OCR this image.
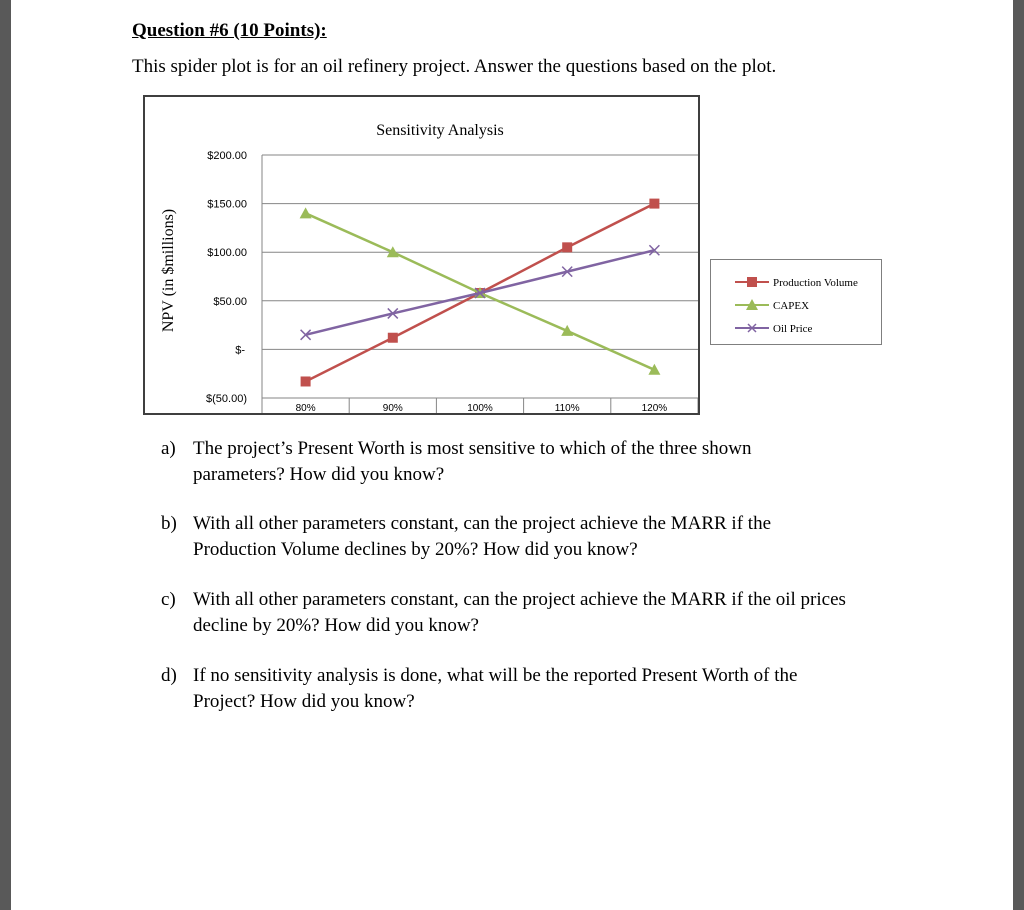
Question #6 (10 Points):
This spider plot is for an oil refinery project. Answer the questions based on the plot.
Sensitivity Analysis
NPV (in $millions)
$(50.00)
$-
$50.00
$100.00
$150.00
$200.00
80%	90%	100%	110%	120%
Production Volume
CAPEX
Oil Price
a) The project’s Present Worth is most sensitive to which of the three shown
parameters? How did you know?
b) With all other parameters constant, can the project achieve the MARR if the
Production Volume declines by 20%? How did you know?
c) With all other parameters constant, can the project achieve the MARR if the oil prices
decline by 20%? How did you know?
d) If no sensitivity analysis is done, what will be the reported Present Worth of the
Project? How did you know?
